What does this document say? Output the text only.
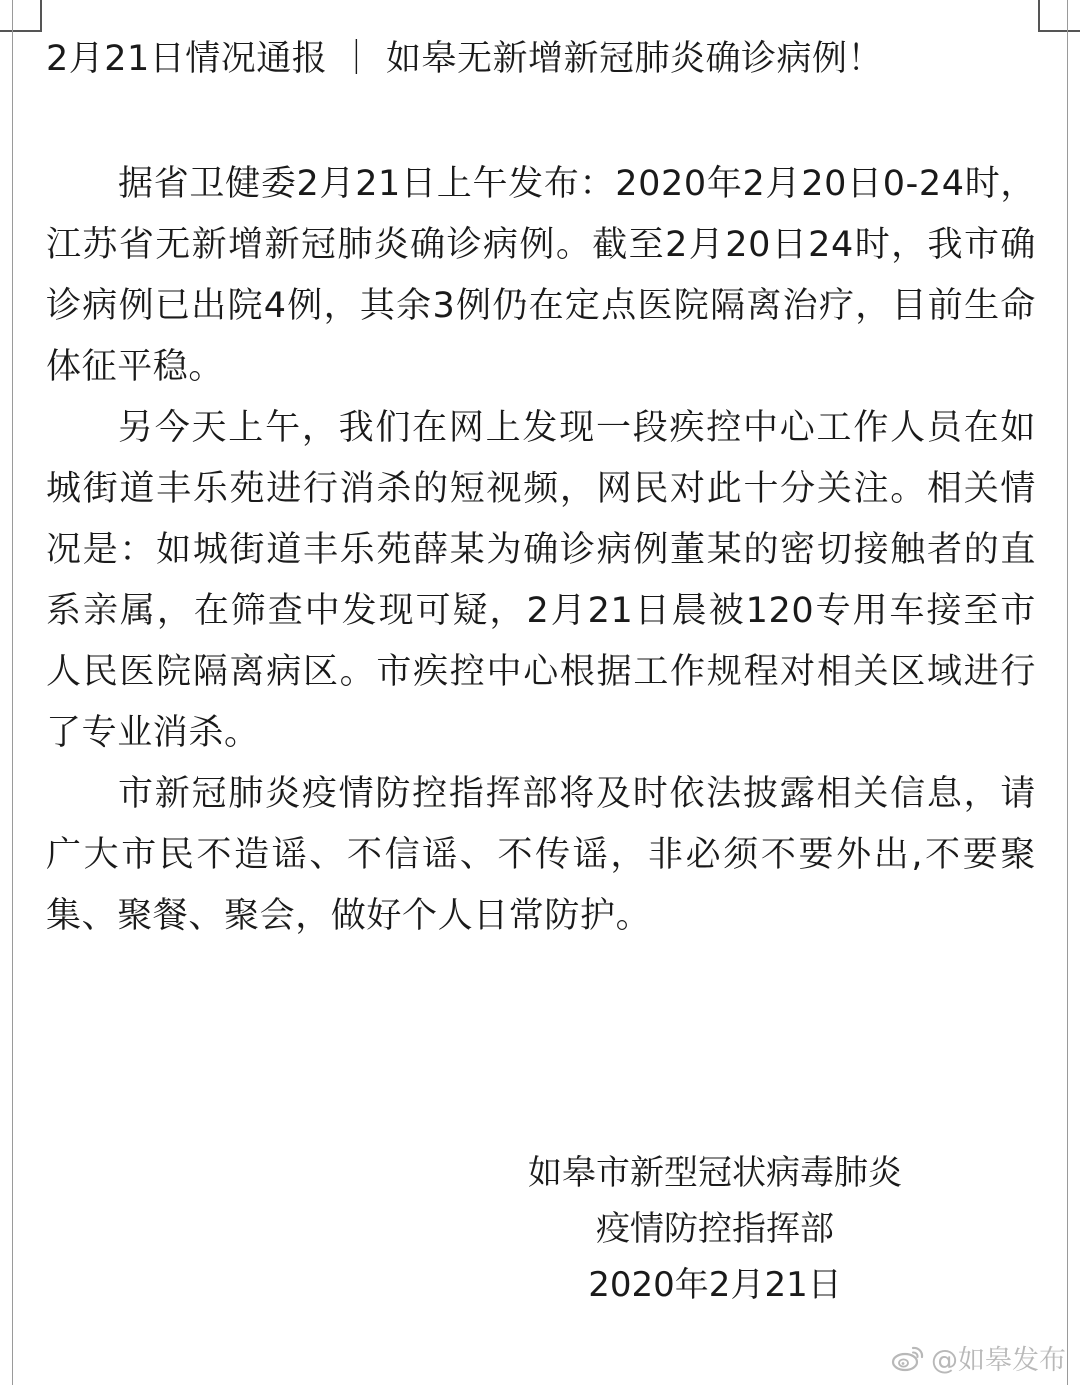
2月21日情况通报 ｜ 如皋无新增新冠肺炎确诊病例！

据省卫健委2月21日上午发布：2020年2月20日0-24时，江苏省无新增新冠肺炎确诊病例。截至2月20日24时，我市确诊病例已出院4例，其余3例仍在定点医院隔离治疗，目前生命体征平稳。

另今天上午，我们在网上发现一段疾控中心工作人员在如城街道丰乐苑进行消杀的短视频，网民对此十分关注。相关情况是：如城街道丰乐苑薛某为确诊病例董某的密切接触者的直系亲属，在筛查中发现可疑，2月21日晨被120专用车接至市人民医院隔离病区。市疾控中心根据工作规程对相关区域进行了专业消杀。

市新冠肺炎疫情防控指挥部将及时依法披露相关信息，请广大市民不造谣、不信谣、不传谣，非必须不要外出,不要聚集、聚餐、聚会，做好个人日常防护。

如皋市新型冠状病毒肺炎
疫情防控指挥部
2020年2月21日
@如皋发布
